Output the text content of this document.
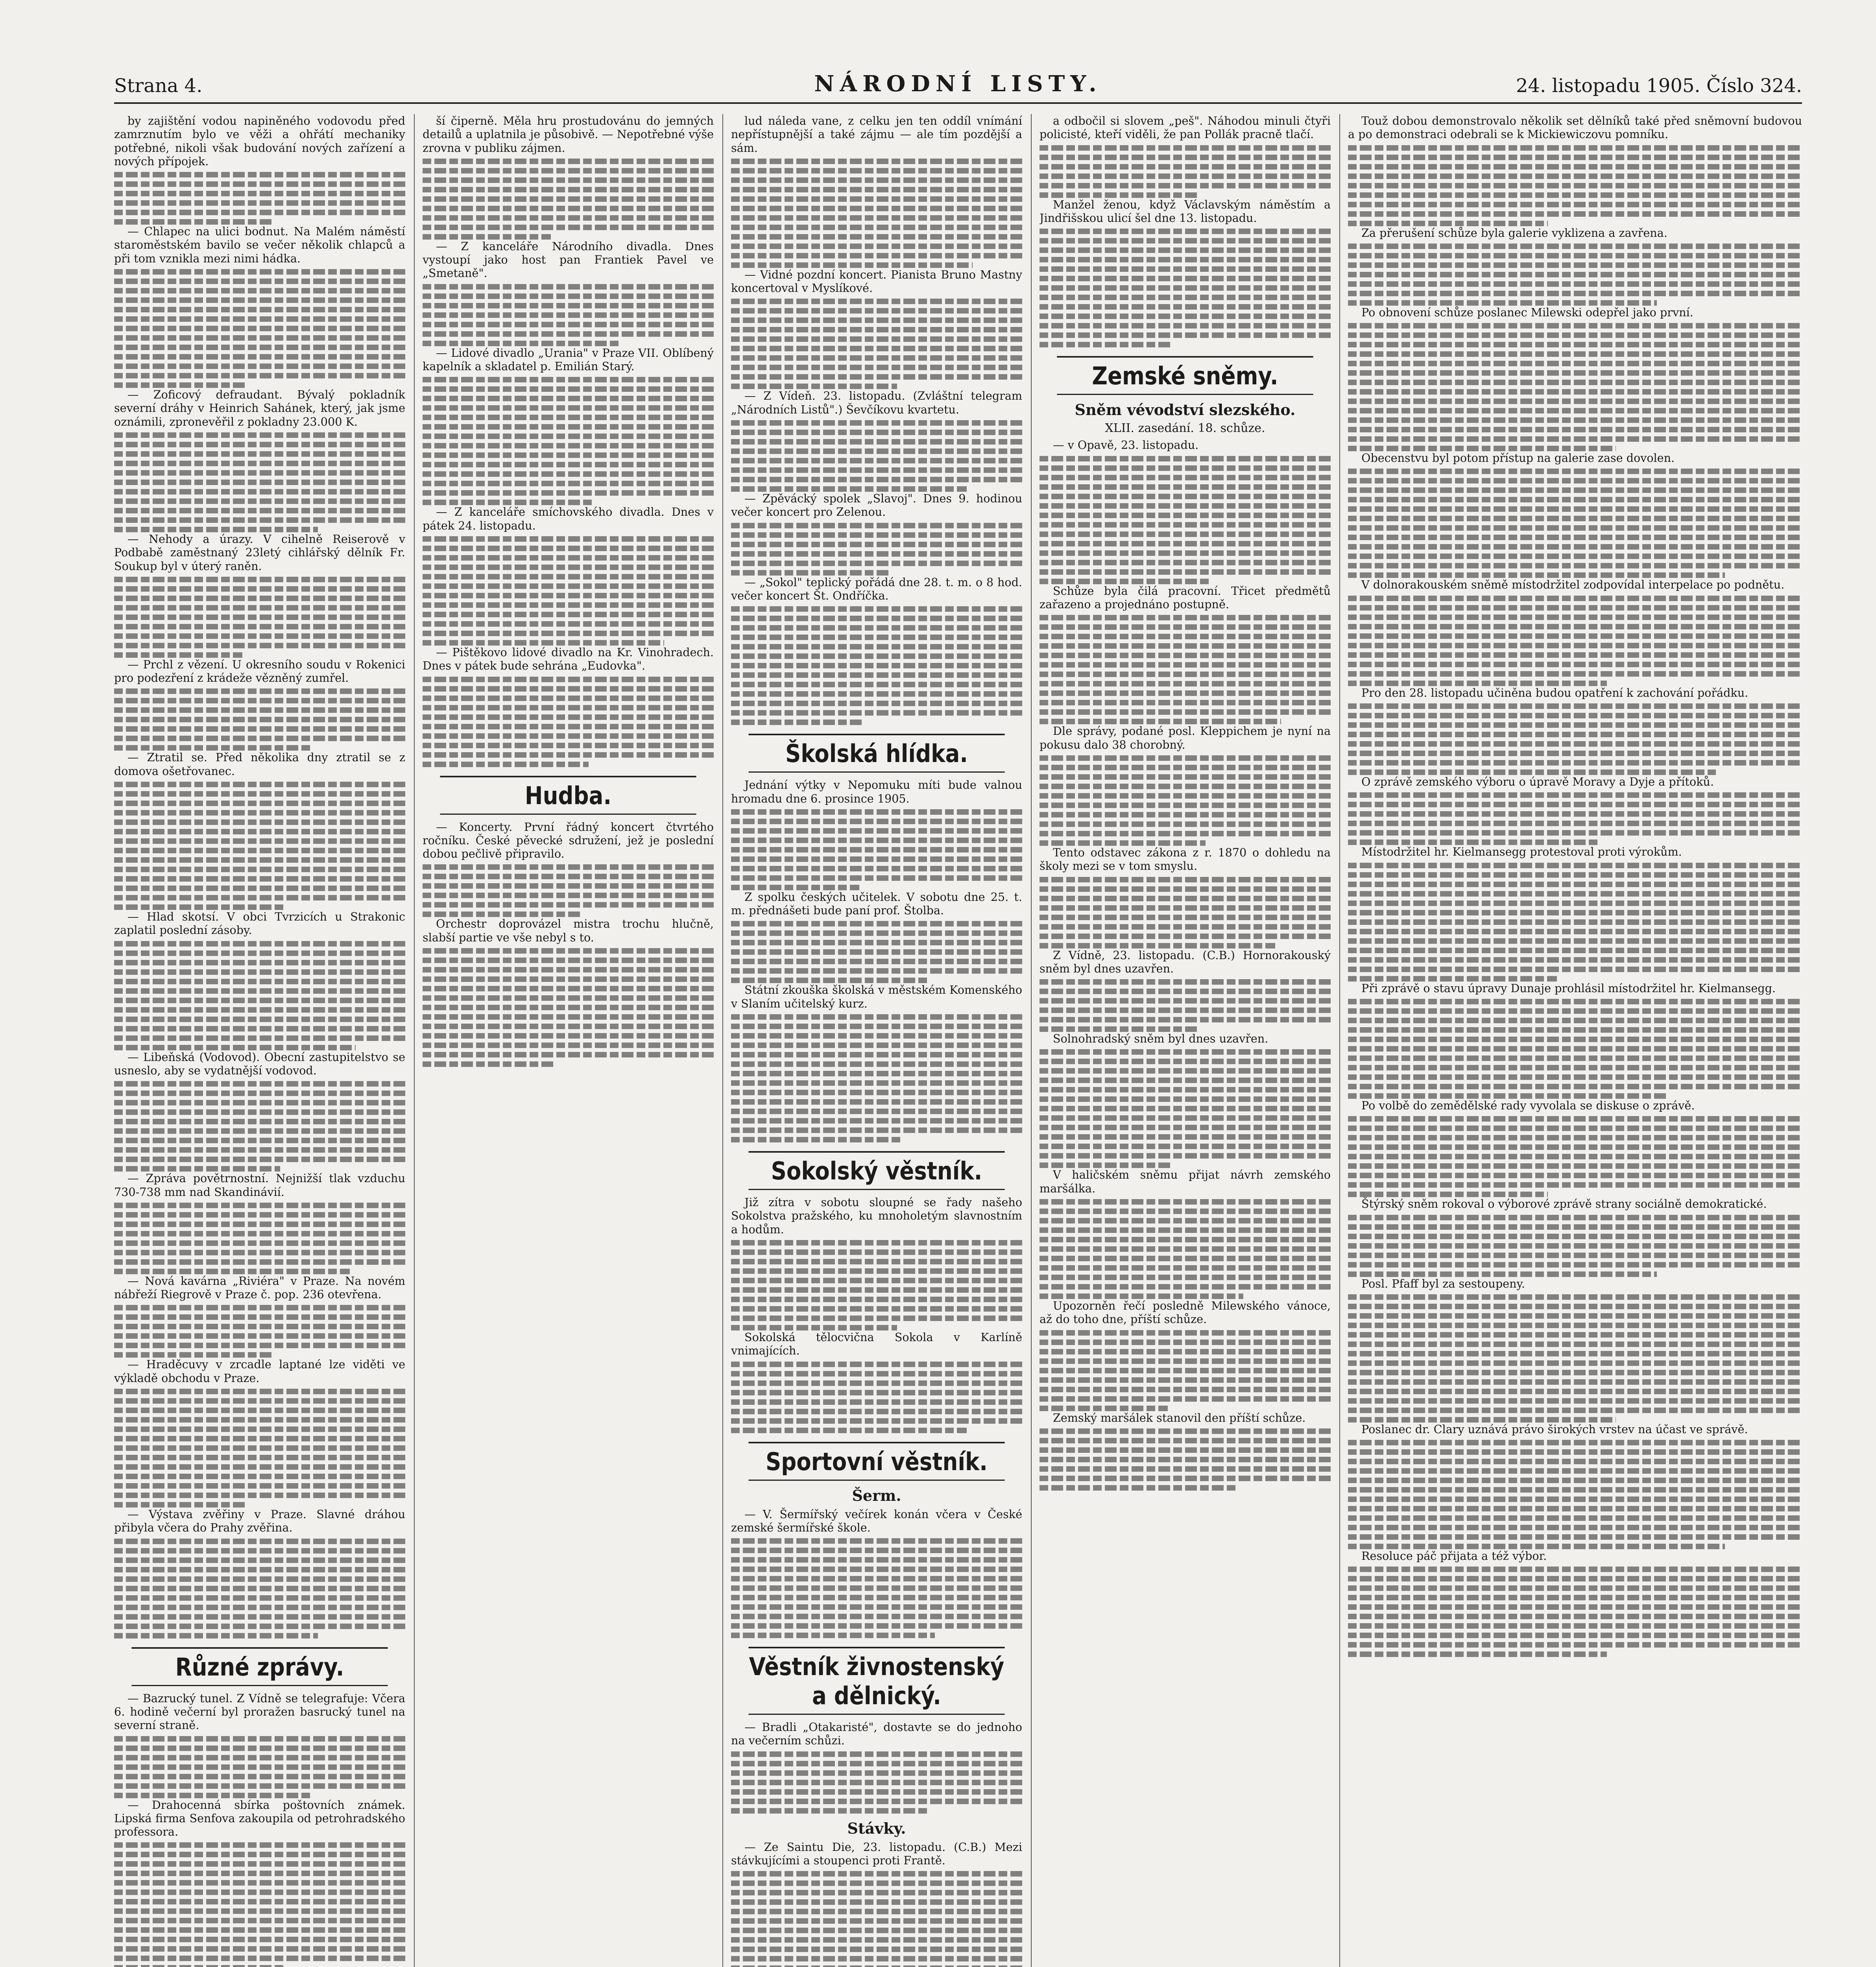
Strana 4.	NÁRODNÍ LISTY.	24. listopadu 1905. Číslo 324.

by zajištění vodou napiněného vodovodu před zamrznutím bylo ve věži a ohřátí mechaniky potřebné, nikoli však budování nových zařízení a nových přípojek.

— Chlapec na ulici bodnut. Na Malém náměstí staroměstském bavilo se večer několik chlapců a při tom vznikla mezi nimi hádka.

— Zoficový defraudant. Bývalý pokladník severní dráhy v Heinrich Sahánek, který, jak jsme oznámili, zpronevěřil z pokladny 23.000 K.

— Nehody a úrazy. V cihelně Reiserově v Podbabě zaměstnaný 23letý cihlářský dělník Fr. Soukup byl v úterý raněn.

— Prchl z vězení. U okresního soudu v Rokenici pro podezření z krádeže vězněný zumřel.

— Ztratil se. Před několika dny ztratil se z domova ošetřovanec.

— Hlad skotsí. V obci Tvrzicích u Strakonic zaplatil poslední zásoby.

— Libeňská (Vodovod). Obecní zastupitelstvo se usneslo, aby se vydatnější vodovod.

— Zpráva povětrnostní. Nejnižší tlak vzduchu 730-738 mm nad Skandinávií.

— Nová kavárna „Riviéra" v Praze. Na novém nábřeží Riegrově v Praze č. pop. 236 otevřena.

— Hraděcuvy v zrcadle laptané lze viděti ve výkladě obchodu v Praze.

— Výstava zvěřiny v Praze. Slavné dráhou přibyla včera do Prahy zvěřina.

Různé zprávy.

— Bazrucký tunel. Z Vídně se telegrafuje: Včera 6. hodině večerní byl proražen basrucký tunel na severní straně.

— Drahocenná sbírka poštovních známek. Lipská firma Senfova zakoupila od petrohradského professora.

ší čiperně. Měla hru prostudovánu do jemných detailů a uplatnila je působivě. — Nepotřebné výše zrovna v publiku zájmen.

— Z kanceláře Národního divadla. Dnes vystoupí jako host pan Frantiek Pavel ve „Smetaně".

— Lidové divadlo „Urania" v Praze VII. Oblíbený kapelník a skladatel p. Emilián Starý.

— Z kanceláře smíchovského divadla. Dnes v pátek 24. listopadu.

— Pištěkovo lidové divadlo na Kr. Vinohradech. Dnes v pátek bude sehrána „Eudovka".

Hudba.

— Koncerty. První řádný koncert čtvrtého ročníku. České pěvecké sdružení, jež je poslední dobou pečlivě připravilo.

Orchestr doprovázel mistra trochu hlučně, slabší partie ve vše nebyl s to.

lud náleda vane, z celku jen ten oddíl vnímání nepřístupnější a také zájmu — ale tím pozdější a sám.

— Vidné pozdní koncert. Pianista Bruno Mastny koncertoval v Myslíkové.

— Z Vídeň. 23. listopadu. (Zvláštní telegram „Národních Listů".) Ševčíkovu kvartetu.

— Zpěvácký spolek „Slavoj". Dnes 9. hodinou večer koncert pro Zelenou.

— „Sokol" teplický pořádá dne 28. t. m. o 8 hod. večer koncert Št. Ondříčka.

Školská hlídka.

Jednání výtky v Nepomuku míti bude valnou hromadu dne 6. prosince 1905.

Z spolku českých učitelek. V sobotu dne 25. t. m. přednášeti bude paní prof. Štolba.

Státní zkouška školská v městském Komenského v Slaním učitelský kurz.

Sokolský věstník.

Již zítra v sobotu sloupné se řady našeho Sokolstva pražského, ku mnoholetým slavnostním a hodům.

Sokolská tělocvična Sokola v Karlíně vnimajících.

Sportovní věstník.
Šerm.

— V. Šermířský večírek konán včera v České zemské šermířské škole.

Věstník živnostenský a dělnický.

— Bradli „Otakaristé", dostavte se do jednoho na večerním schůzi.

Stávky.

— Ze Saintu Die, 23. listopadu. (C.B.) Mezi stávkujícími a stoupenci proti Frantě.

a odbočil si slovem „peš". Náhodou minuli čtyři policisté, kteří viděli, že pan Pollák pracně tlačí.

Manžel ženou, když Václavským náměstím a Jindřišskou ulicí šel dne 13. listopadu.

Zemské sněmy.
Sněm vévodství slezského.
XLII. zasedání. 18. schůze.

— v Opavě, 23. listopadu.

Schůze byla čilá pracovní. Třicet předmětů zařazeno a projednáno postupně.

Dle správy, podané posl. Kleppichem je nyní na pokusu dalo 38 chorobný.

Tento odstavec zákona z r. 1870 o dohledu na školy mezi se v tom smyslu.

Z Vídně, 23. listopadu. (C.B.) Hornorakouský sněm byl dnes uzavřen.

Solnohradský sněm byl dnes uzavřen.

V haličském sněmu přijat návrh zemského maršálka.

Upozorněn řečí posledně Milewského vánoce, až do toho dne, příští schůze.

Zemský maršálek stanovil den příští schůze.

Touž dobou demonstrovalo několik set dělníků také před sněmovní budovou a po demonstraci odebrali se k Mickiewiczovu pomníku.

Za přerušení schůze byla galerie vyklizena a zavřena.

Po obnovení schůze poslanec Milewski odepřel jako první.

Obecenstvu byl potom přístup na galerie zase dovolen.

V dolnorakouském sněmě místodržitel zodpovídal interpelace po podnětu.

Pro den 28. listopadu učiněna budou opatření k zachování pořádku.

O zprávě zemského výboru o úpravě Moravy a Dyje a přítoků.

Místodržitel hr. Kielmansegg protestoval proti výrokům.

Při zprávě o stavu úpravy Dunaje prohlásil místodržitel hr. Kielmansegg.

Po volbě do zemědělské rady vyvolala se diskuse o zprávě.

Štýrský sněm rokoval o výborové zprávě strany sociálně demokratické.

Posl. Pfaff byl za sestoupeny.

Poslanec dr. Clary uznává právo širokých vrstev na účast ve správě.

Resoluce páč přijata a též výbor.
